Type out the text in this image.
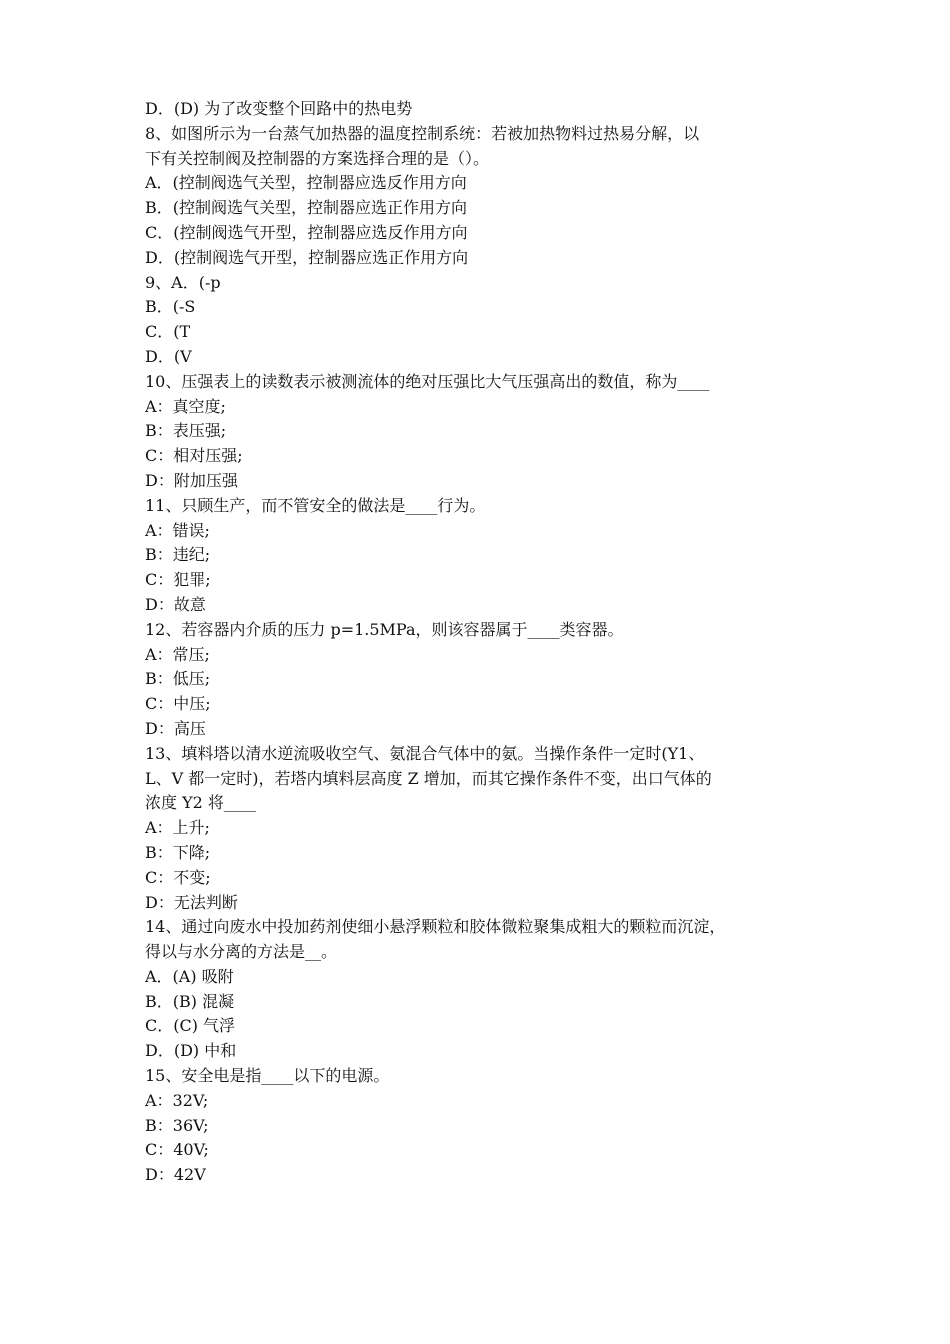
D．(D) 为了改变整个回路中的热电势
8、如图所示为一台蒸气加热器的温度控制系统：若被加热物料过热易分解，以
下有关控制阀及控制器的方案选择合理的是（）。
A．(控制阀选气关型，控制器应选反作用方向
B．(控制阀选气关型，控制器应选正作用方向
C．(控制阀选气开型，控制器应选反作用方向
D．(控制阀选气开型，控制器应选正作用方向
9、A．(-p
B．(-S
C．(T
D．(V
10、压强表上的读数表示被测流体的绝对压强比大气压强高出的数值，称为____
A：真空度;
B：表压强;
C：相对压强;
D：附加压强
11、只顾生产，而不管安全的做法是____行为。
A：错误;
B：违纪;
C：犯罪;
D：故意
12、若容器内介质的压力 p=1.5MPa，则该容器属于____类容器。
A：常压;
B：低压;
C：中压;
D：高压
13、填料塔以清水逆流吸收空气、氨混合气体中的氨。当操作条件一定时(Y1、
L、V 都一定时)，若塔内填料层高度 Z 增加，而其它操作条件不变，出口气体的
浓度 Y2 将____
A：上升;
B：下降;
C：不变;
D：无法判断
14、通过向废水中投加药剂使细小悬浮颗粒和胶体微粒聚集成粗大的颗粒而沉淀，
得以与水分离的方法是__。
A．(A) 吸附
B．(B) 混凝
C．(C) 气浮
D．(D) 中和
15、安全电是指____以下的电源。
A：32V;
B：36V;
C：40V;
D：42V
